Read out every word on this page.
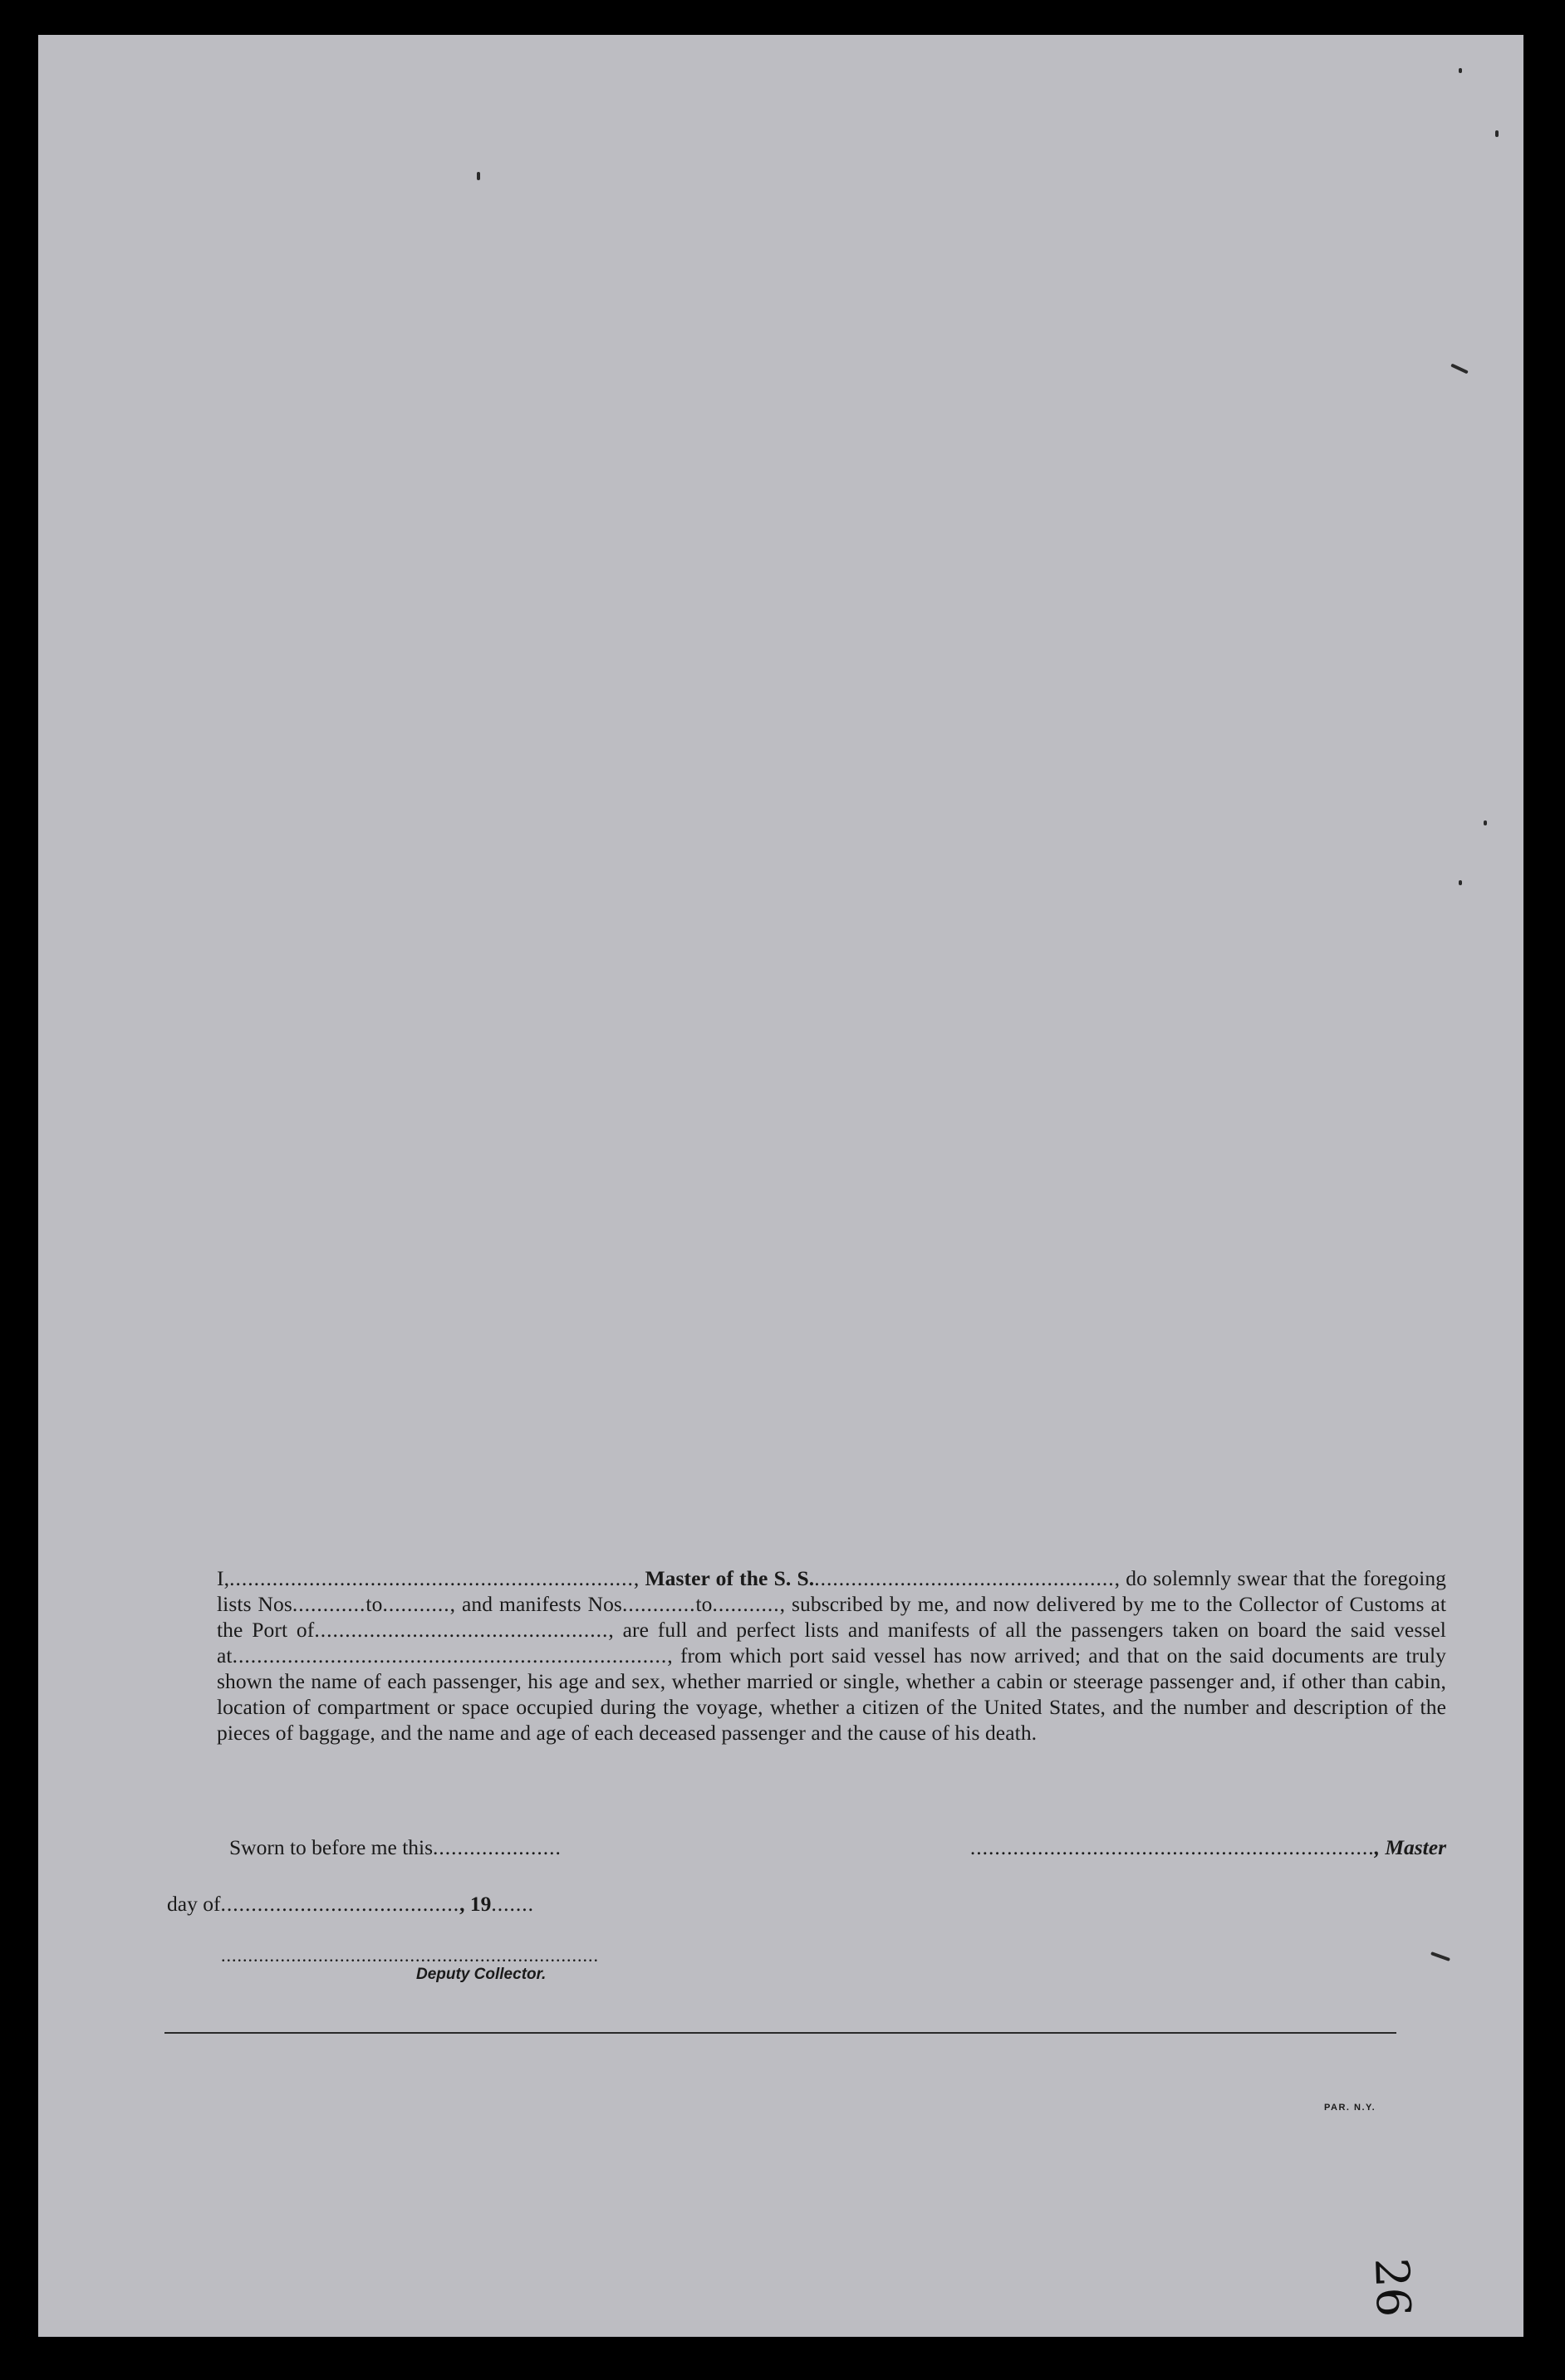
I,.................................................................., Master of the S. S.................................................., do solemnly swear that the foregoing lists Nos............to..........., and manifests Nos............to..........., subscribed by me, and now delivered by me to the Collector of Customs at the Port of................................................, are full and perfect lists and manifests of all the passengers taken on board the said vessel at......................................................................., from which port said vessel has now arrived; and that on the said documents are truly shown the name of each passenger, his age and sex, whether married or single, whether a cabin or steerage passenger and, if other than cabin, location of compartment or space occupied during the voyage, whether a citizen of the United States, and the number and description of the pieces of baggage, and the name and age of each deceased passenger and the cause of his death.

Sworn to before me this.....................	.................................................................., Master
day of......................................., 19.......
......................................................................
Deputy Collector.
PAR. N.Y.
26
